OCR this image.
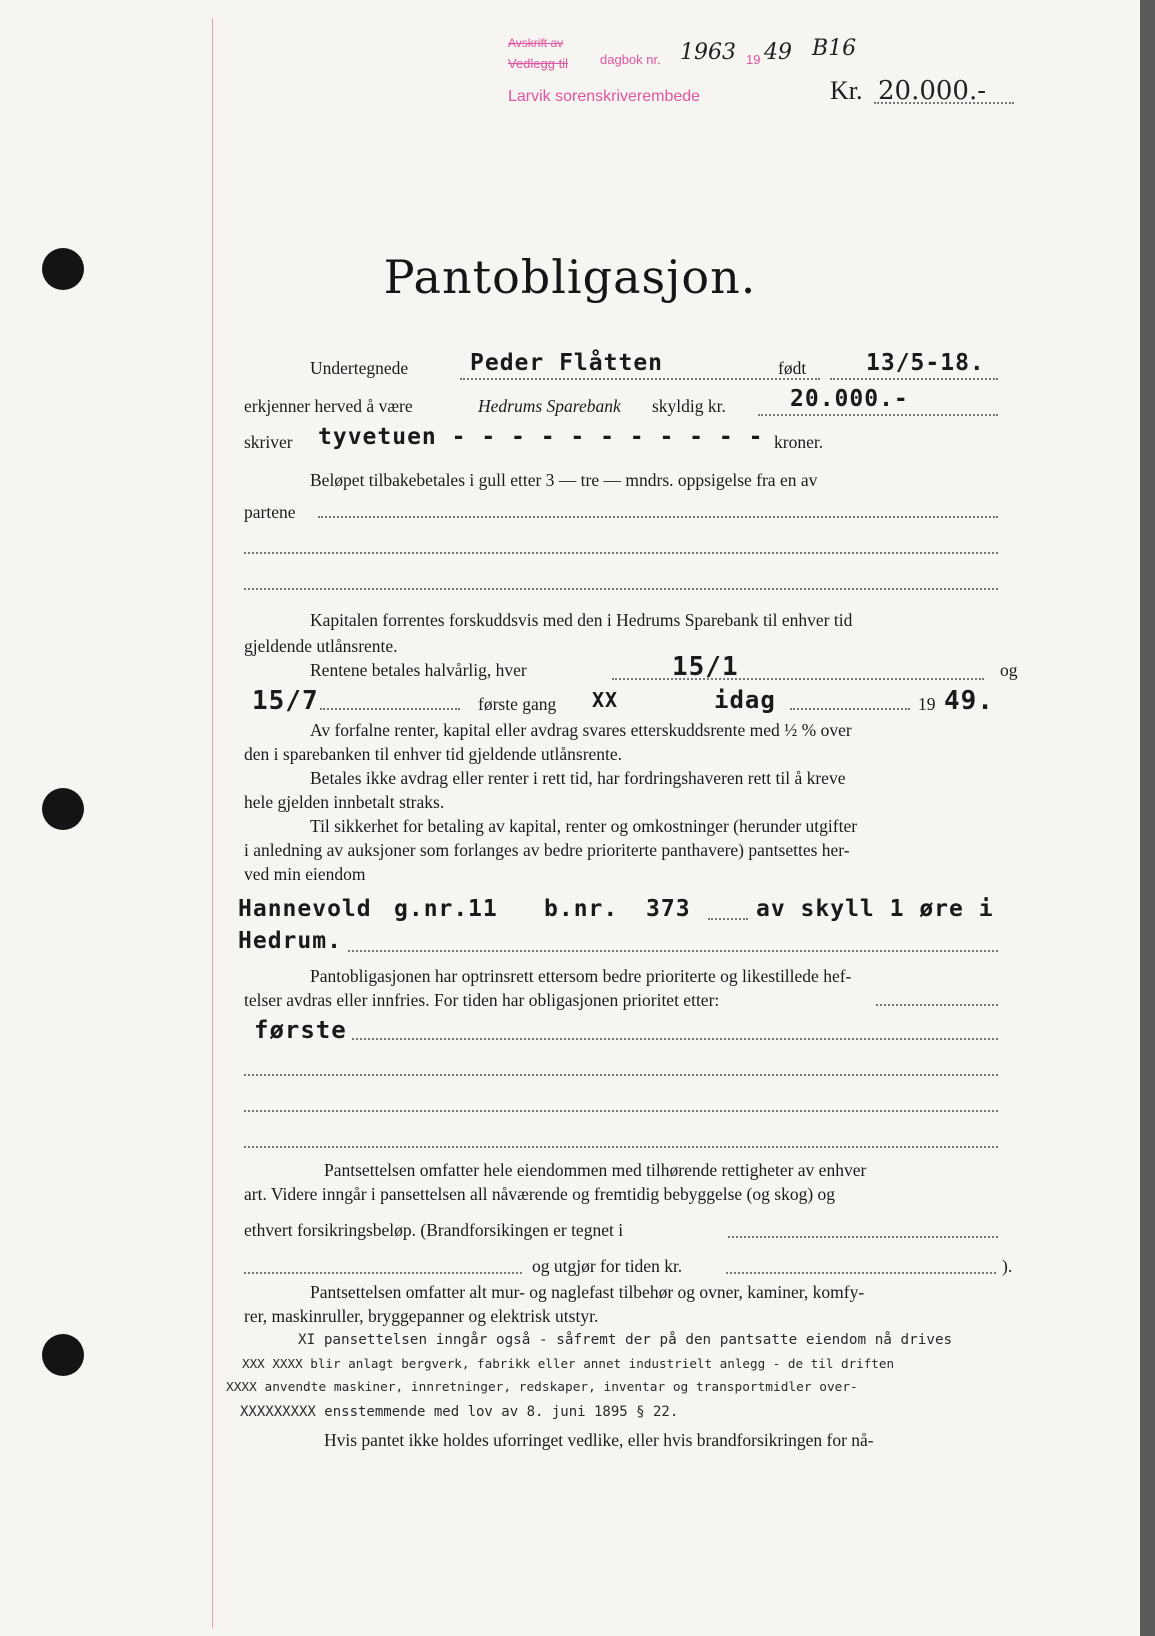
Avskrift av
Vedlegg til dagbok nr. 1963 19 49 B16
Larvik sorenskriverembede	Kr. 20.000.-
Pantobligasjon.
Undertegnede	Peder Flåtten	født	13/5-18.
erkjenner herved å være	Hedrums Sparebank skyldig kr.	20.000.-
skriver tyvetuen - - - - - - - - - - - kroner.
Beløpet tilbakebetales i gull etter 3 — tre — mndrs. oppsigelse fra en av
partene
Kapitalen forrentes forskuddsvis med den i Hedrums Sparebank til enhver tid
gjeldende utlånsrente.
Rentene betales halvårlig, hver	15/1	og
15/7	første gang XX	idag	19 49.
Av forfalne renter, kapital eller avdrag svares etterskuddsrente med ½ % over
den i sparebanken til enhver tid gjeldende utlånsrente.
Betales ikke avdrag eller renter i rett tid, har fordringshaveren rett til å kreve
hele gjelden innbetalt straks.
Til sikkerhet for betaling av kapital, renter og omkostninger (herunder utgifter
i anledning av auksjoner som forlanges av bedre prioriterte panthavere) pantsettes her-
ved min eiendom
Hannevold g.nr. 11 b.nr. 373	av skyll 1 øre i
Hedrum.
Pantobligasjonen har optrinsrett ettersom bedre prioriterte og likestillede hef-
telser avdras eller innfries. For tiden har obligasjonen prioritet etter:
første
Pantsettelsen omfatter hele eiendommen med tilhørende rettigheter av enhver
art. Videre inngår i pansettelsen all nåværende og fremtidig bebyggelse (og skog) og
ethvert forsikringsbeløp. (Brandforsikingen er tegnet i
og utgjør for tiden kr.	).
Pantsettelsen omfatter alt mur- og naglefast tilbehør og ovner, kaminer, komfy-
rer, maskinruller, bryggepanner og elektrisk utstyr.
XI pansettelsen inngår også - såfremt der på den pantsatte eiendom nå drives
XXX XXXX blir anlagt bergverk, fabrikk eller annet industrielt anlegg - de til driften
XXXX anvendte maskiner, innretninger, redskaper, inventar og transportmidler over-
XXXXXXXXX ensstemmende med lov av 8. juni 1895 § 22.
Hvis pantet ikke holdes uforringet vedlike, eller hvis brandforsikringen for nå-
